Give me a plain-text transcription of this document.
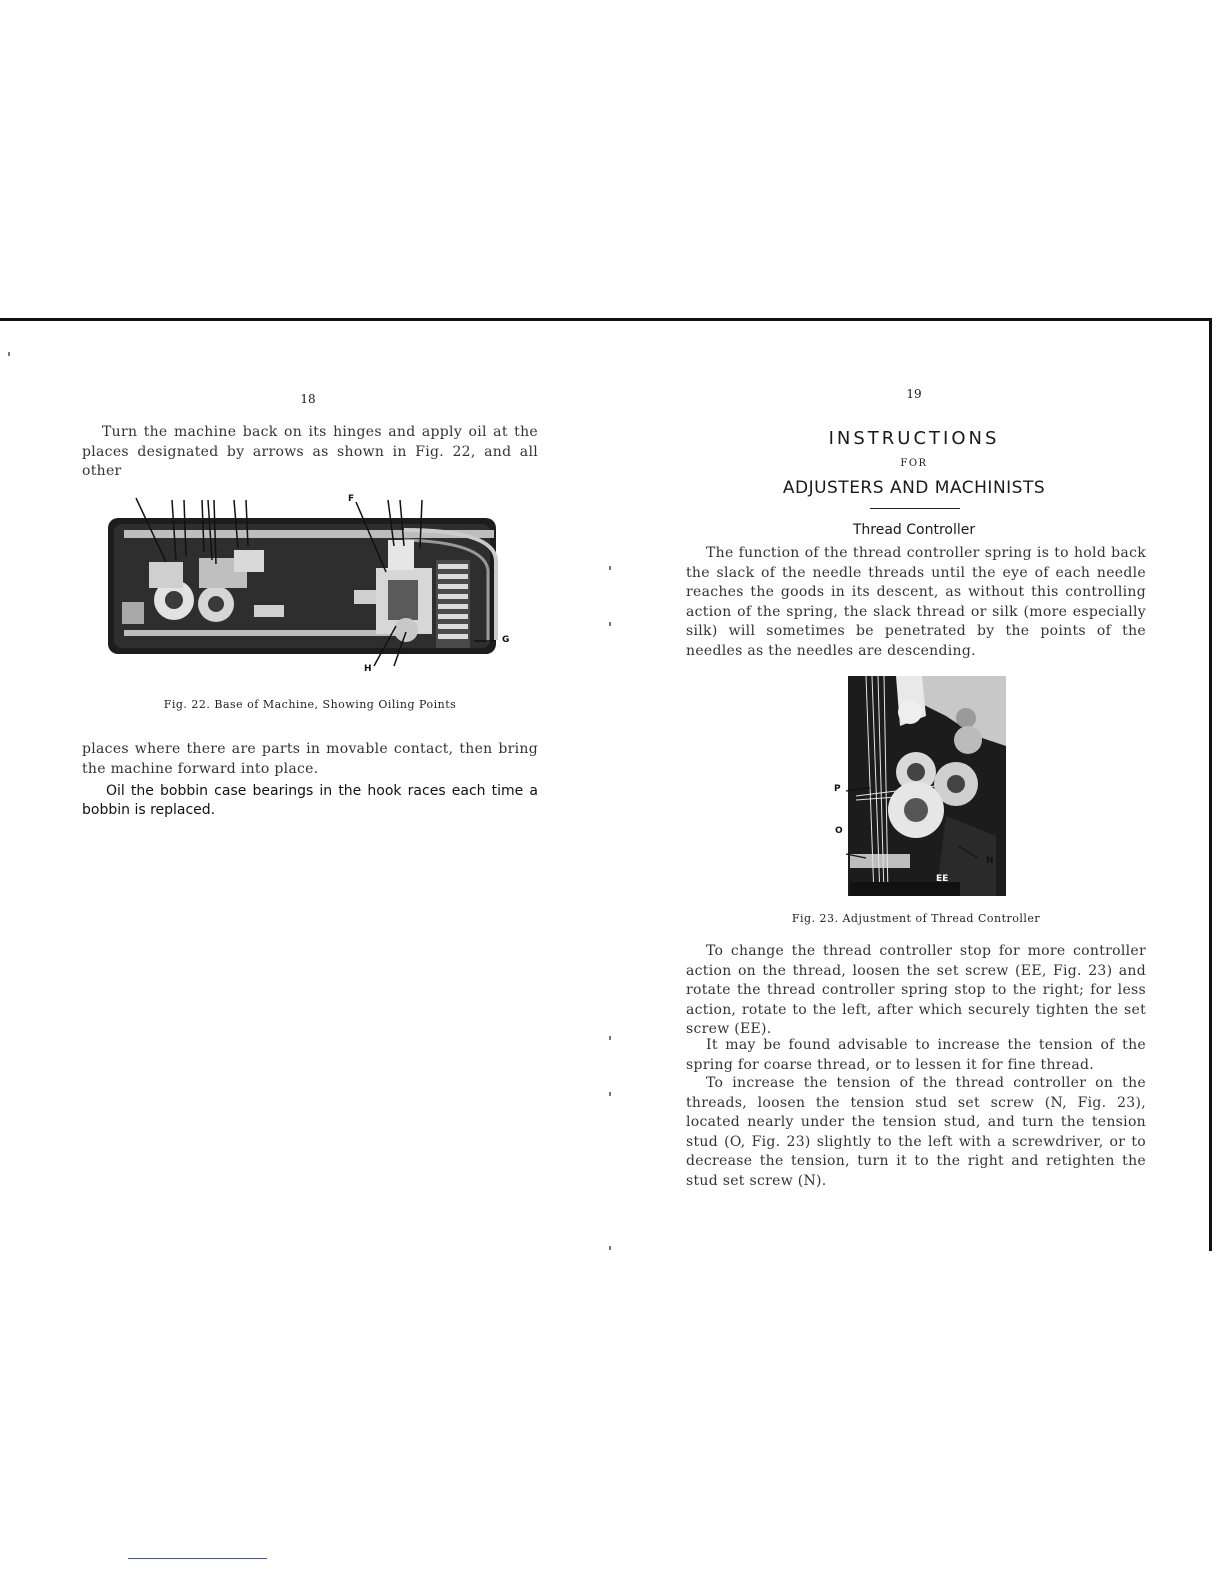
18
Turn the machine back on its hinges and apply oil at the places designated by arrows as shown in Fig. 22, and all other
F
G
H
Fig. 22. Base of Machine, Showing Oiling Points
places where there are parts in movable contact, then bring the machine forward into place.
Oil the bobbin case bearings in the hook races each time a bobbin is replaced.
19
INSTRUCTIONS
FOR
ADJUSTERS AND MACHINISTS
Thread Controller
The function of the thread controller spring is to hold back the slack of the needle threads until the eye of each needle reaches the goods in its descent, as without this controlling action of the spring, the slack thread or silk (more especially silk) will sometimes be penetrated by the points of the needles as the needles are descending.
P
O
N
EE
Fig. 23. Adjustment of Thread Controller
To change the thread controller stop for more controller action on the thread, loosen the set screw (EE, Fig. 23) and rotate the thread controller spring stop to the right; for less action, rotate to the left, after which securely tighten the set screw (EE).
It may be found advisable to increase the tension of the spring for coarse thread, or to lessen it for fine thread.
To increase the tension of the thread controller on the threads, loosen the tension stud set screw (N, Fig. 23), located nearly under the tension stud, and turn the tension stud (O, Fig. 23) slightly to the left with a screwdriver, or to decrease the tension, turn it to the right and retighten the stud set screw (N).
